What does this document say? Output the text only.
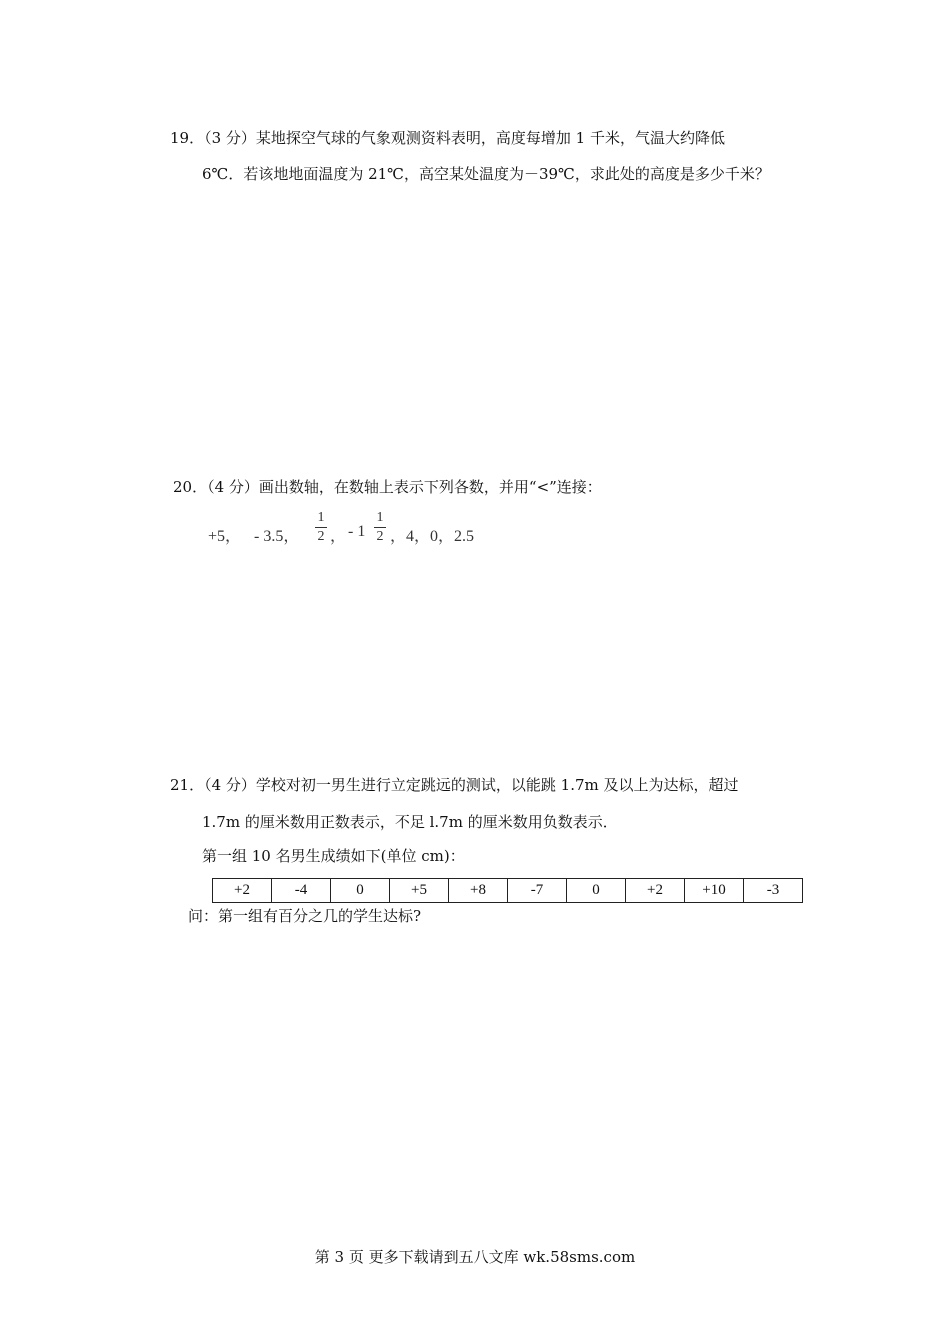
19．（3 分）某地探空气球的气象观测资料表明，高度每增加 1 千米，气温大约降低
6℃．若该地地面温度为 21℃，高空某处温度为－39℃，求此处的高度是多少千米？
20．（4 分）画出数轴，在数轴上表示下列各数，并用“<”连接：
+5， - 3.5，
1
2 ， - 1
1
2 ，4，0，2.5
21．（4 分）学校对初一男生进行立定跳远的测试，以能跳 1.7m 及以上为达标，超过
1.7m 的厘米数用正数表示，不足 l.7m 的厘米数用负数表示．
第一组 10 名男生成绩如下(单位 cm)：
+2	-4	0	+5	+8	-7	0	+2	+10	-3
问：第一组有百分之几的学生达标?
第 3 页 更多下载请到五八文库 wk.58sms.com
